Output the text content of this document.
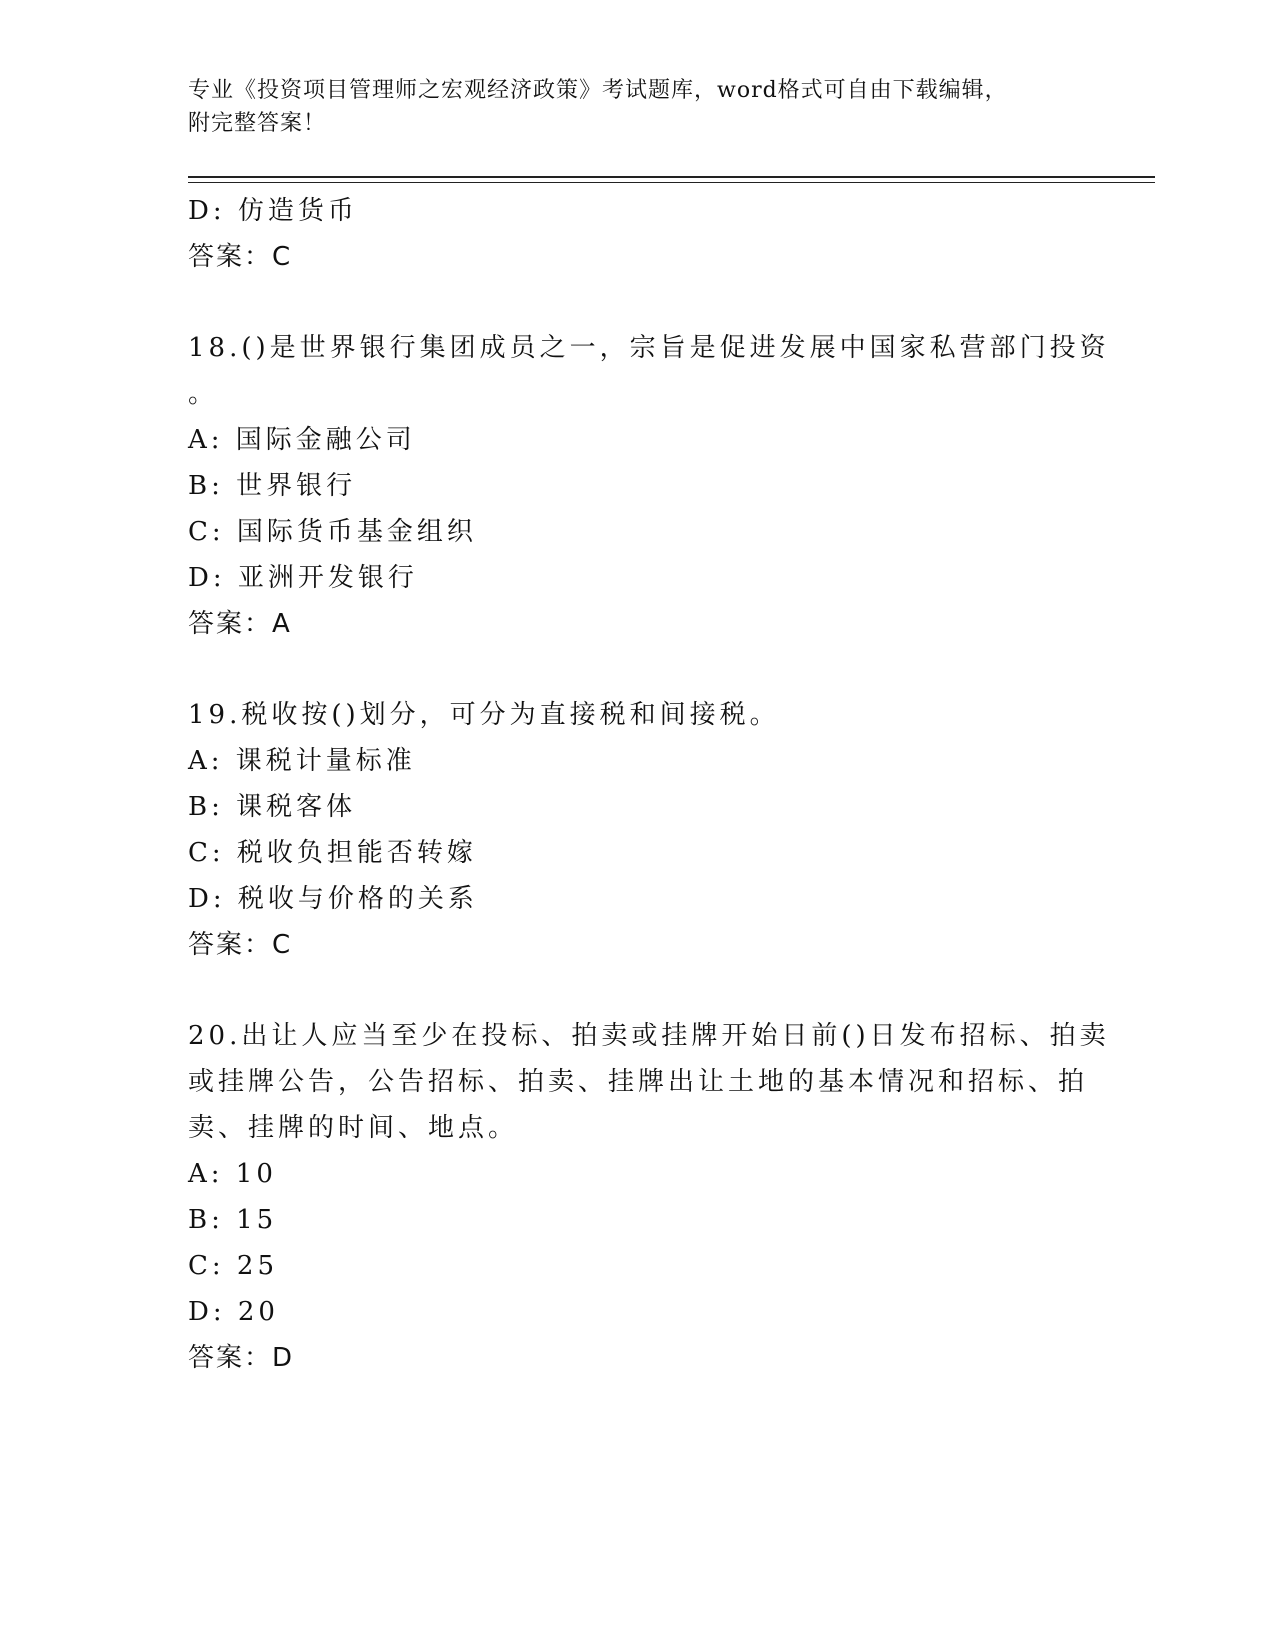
专业《投资项目管理师之宏观经济政策》考试题库，word格式可自由下载编辑，
附完整答案！
D: 仿造货币
答案：C
18.()是世界银行集团成员之一，宗旨是促进发展中国家私营部门投资
。
A: 国际金融公司
B: 世界银行
C: 国际货币基金组织
D: 亚洲开发银行
答案：A
19.税收按()划分，可分为直接税和间接税。
A: 课税计量标准
B: 课税客体
C: 税收负担能否转嫁
D: 税收与价格的关系
答案：C
20.出让人应当至少在投标、拍卖或挂牌开始日前()日发布招标、拍卖
或挂牌公告，公告招标、拍卖、挂牌出让土地的基本情况和招标、拍
卖、挂牌的时间、地点。
A: 10
B: 15
C: 25
D: 20
答案：D
